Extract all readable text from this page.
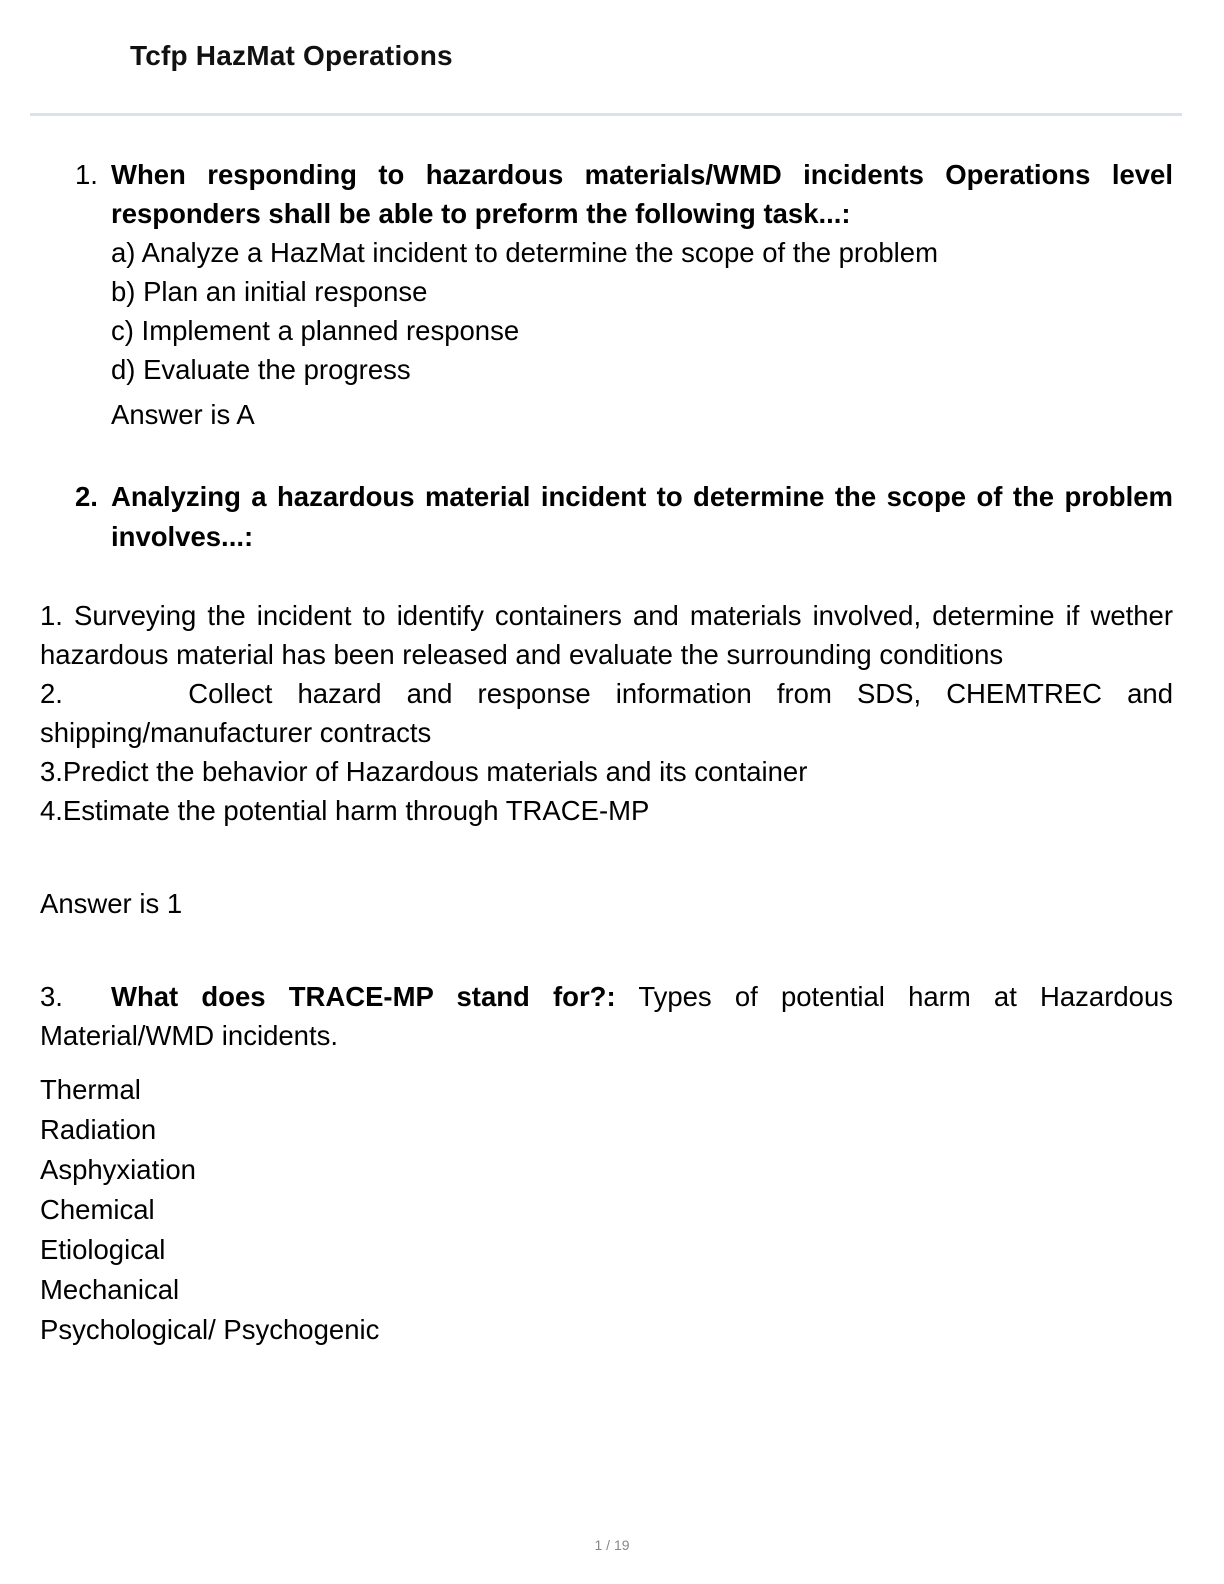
Tcfp HazMat Operations
1. When responding to hazardous materials/WMD incidents Operations level responders shall be able to preform the following task...:
a) Analyze a HazMat incident to determine the scope of the problem
b) Plan an initial response
c) Implement a planned response
d) Evaluate the progress
Answer is A
2. Analyzing a hazardous material incident to determine the scope of the problem involves...:
1. Surveying the incident to identify containers and materials involved, determine if wether hazardous material has been released and evaluate the surrounding conditions
2.     Collect hazard and response information from SDS, CHEMTREC and shipping/manufacturer contracts
3.Predict the behavior of Hazardous materials and its container
4.Estimate the potential harm through TRACE-MP
Answer is 1
3. What does TRACE-MP stand for?: Types of potential harm at Hazardous Material/WMD incidents.
Thermal
Radiation
Asphyxiation
Chemical
Etiological
Mechanical
Psychological/ Psychogenic
1 / 19
